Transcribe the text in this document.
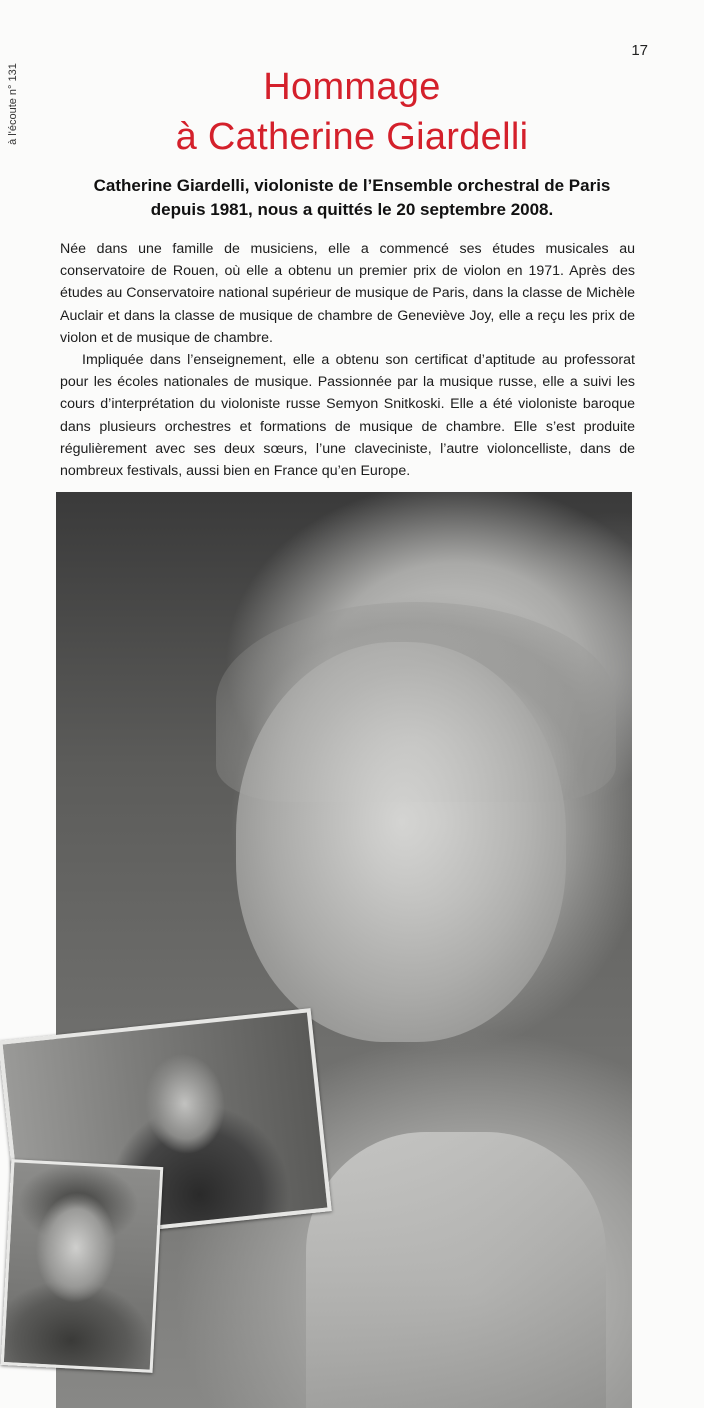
à l'écoute n° 131
17
Hommage
à Catherine Giardelli
Catherine Giardelli, violoniste de l’Ensemble orchestral de Paris
depuis 1981, nous a quittés le 20 septembre 2008.

Née dans une famille de musiciens, elle a commencé ses études musicales au conservatoire de Rouen, où elle a obtenu un premier prix de violon en 1971. Après des études au Conservatoire national supérieur de musique de Paris, dans la classe de Michèle Auclair et dans la classe de musique de chambre de Geneviève Joy, elle a reçu les prix de violon et de musique de chambre.

Impliquée dans l’enseignement, elle a obtenu son certificat d’aptitude au professorat pour les écoles nationales de musique. Passionnée par la musique russe, elle a suivi les cours d’interprétation du violoniste russe Semyon Snitkoski. Elle a été violoniste baroque dans plusieurs orchestres et formations de musique de chambre. Elle s’est produite régulièrement avec ses deux sœurs, l’une claveciniste, l’autre violoncelliste, dans de nombreux festivals, aussi bien en France qu’en Europe.
